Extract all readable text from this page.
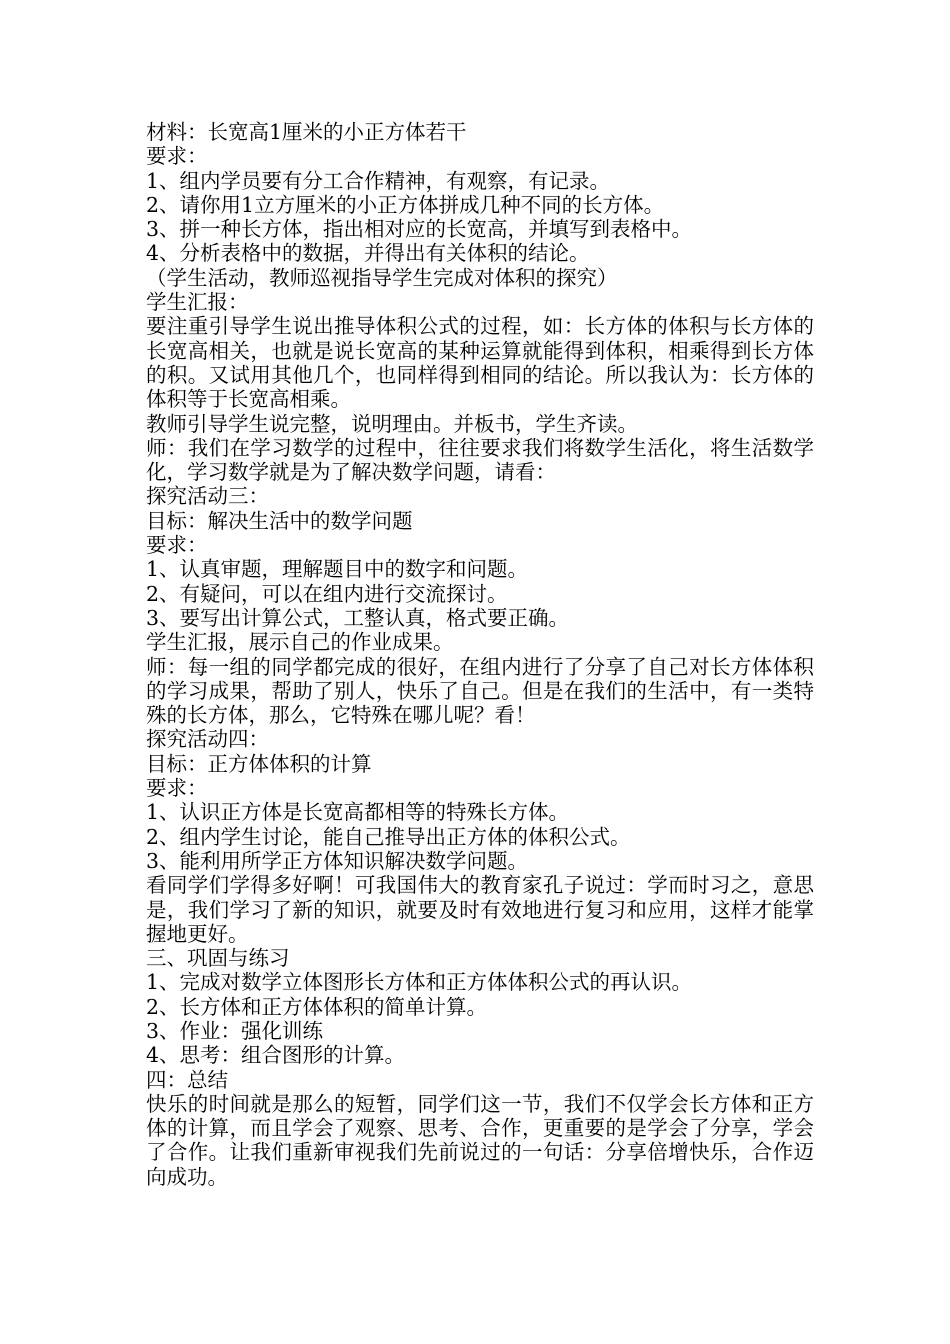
材料：长宽高1厘米的小正方体若干
要求：
1、组内学员要有分工合作精神，有观察，有记录。
2、请你用1立方厘米的小正方体拼成几种不同的长方体。
3、拼一种长方体，指出相对应的长宽高，并填写到表格中。
4、分析表格中的数据，并得出有关体积的结论。
（学生活动，教师巡视指导学生完成对体积的探究）
学生汇报：
要注重引导学生说出推导体积公式的过程，如：长方体的体积与长方体的长宽高相关，也就是说长宽高的某种运算就能得到体积，相乘得到长方体的积。又试用其他几个，也同样得到相同的结论。所以我认为：长方体的体积等于长宽高相乘。
教师引导学生说完整，说明理由。并板书，学生齐读。
师：我们在学习数学的过程中，往往要求我们将数学生活化，将生活数学化，学习数学就是为了解决数学问题，请看：
探究活动三：
目标：解决生活中的数学问题
要求：
1、认真审题，理解题目中的数字和问题。
2、有疑问，可以在组内进行交流探讨。
3、要写出计算公式，工整认真，格式要正确。
学生汇报，展示自己的作业成果。
师：每一组的同学都完成的很好，在组内进行了分享了自己对长方体体积的学习成果，帮助了别人，快乐了自己。但是在我们的生活中，有一类特殊的长方体，那么，它特殊在哪儿呢？看！
探究活动四：
目标：正方体体积的计算
要求：
1、认识正方体是长宽高都相等的特殊长方体。
2、组内学生讨论，能自己推导出正方体的体积公式。
3、能利用所学正方体知识解决数学问题。
看同学们学得多好啊！可我国伟大的教育家孔子说过：学而时习之，意思是，我们学习了新的知识，就要及时有效地进行复习和应用，这样才能掌握地更好。
三、巩固与练习
1、完成对数学立体图形长方体和正方体体积公式的再认识。
2、长方体和正方体体积的简单计算。
3、作业：强化训练
4、思考：组合图形的计算。
四：总结
快乐的时间就是那么的短暂，同学们这一节，我们不仅学会长方体和正方体的计算，而且学会了观察、思考、合作，更重要的是学会了分享，学会了合作。让我们重新审视我们先前说过的一句话：分享倍增快乐，合作迈向成功。
